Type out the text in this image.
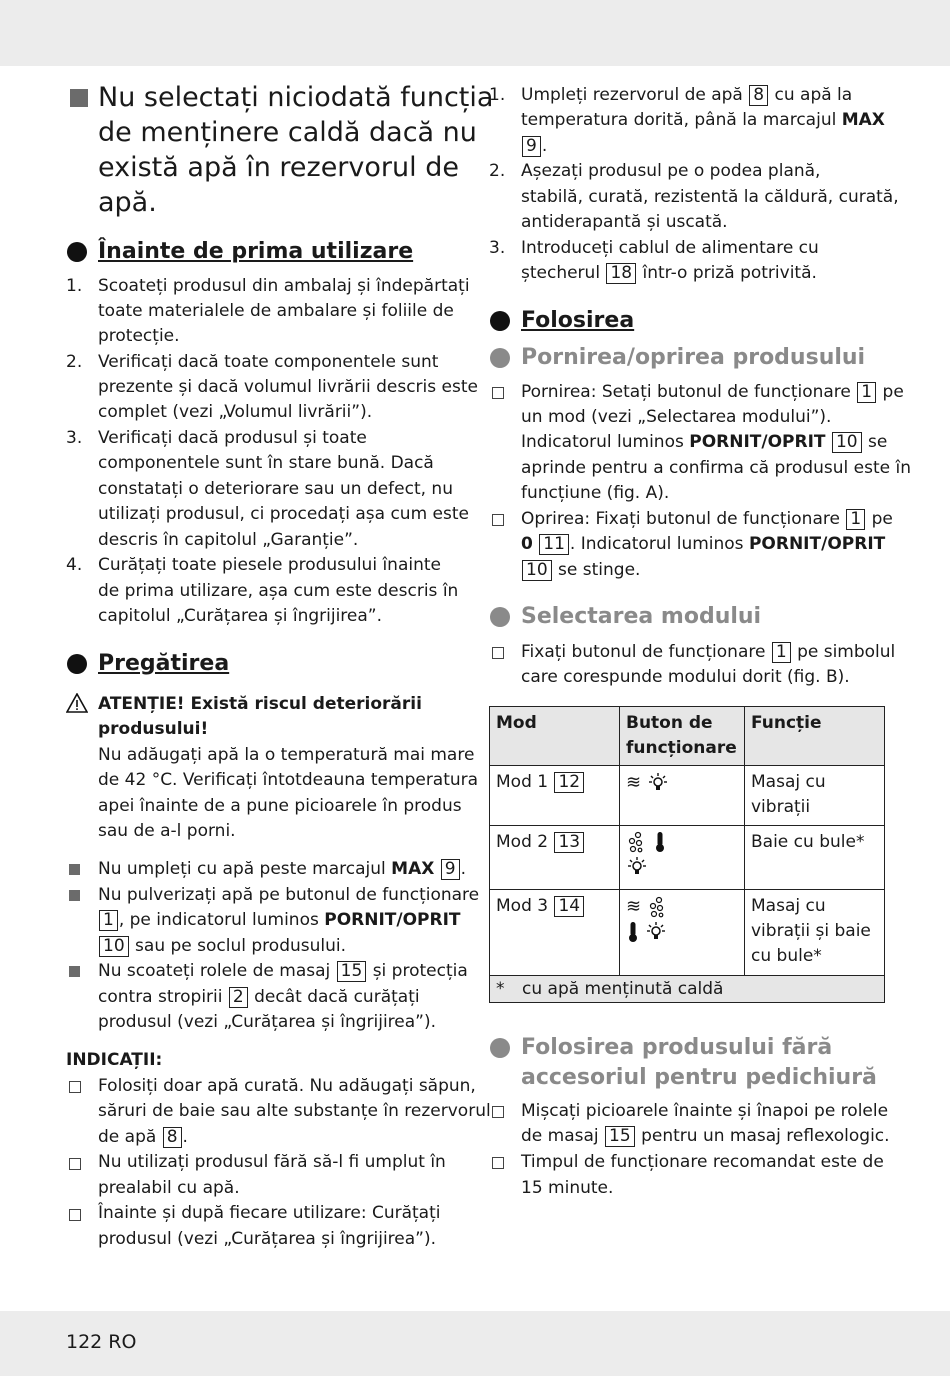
Nu selectați niciodată funcția
de menținere caldă dacă nu
există apă în rezervorul de
apă.
Înainte de prima utilizare
1. Scoateți produsul din ambalaj și îndepărtați
toate materialele de ambalare și foliile de
protecție.
2. Verificați dacă toate componentele sunt
prezente și dacă volumul livrării descris este
complet (vezi „Volumul livrării”).
3. Verificați dacă produsul și toate
componentele sunt în stare bună. Dacă
constatați o deteriorare sau un defect, nu
utilizați produsul, ci procedați așa cum este
descris în capitolul „Garanție”.
4. Curățați toate piesele produsului înainte
de prima utilizare, așa cum este descris în
capitolul „Curățarea și îngrijirea”.
Pregătirea
ATENȚIE! Există riscul deteriorării
produsului!
Nu adăugați apă la o temperatură mai mare
de 42 °C. Verificați întotdeauna temperatura
apei înainte de a pune picioarele în produs
sau de a-l porni.
Nu umpleți cu apă peste marcajul MAX 9 .
Nu pulverizați apă pe butonul de funcționare
1 , pe indicatorul luminos PORNIT/OPRIT
10 sau pe soclul produsului.
Nu scoateți rolele de masaj 15 și protecția
contra stropirii 2 decât dacă curățați
produsul (vezi „Curățarea și îngrijirea”).
INDICAȚII:
Folosiți doar apă curată. Nu adăugați săpun,
săruri de baie sau alte substanțe în rezervorul
de apă 8 .
Nu utilizați produsul fără să-l fi umplut în
prealabil cu apă.
Înainte și după fiecare utilizare: Curățați
produsul (vezi „Curățarea și îngrijirea”).
1. Umpleți rezervorul de apă 8 cu apă la
temperatura dorită, până la marcajul MAX
9 .
2. Așezați produsul pe o podea plană,
stabilă, curată, rezistentă la căldură, curată,
antiderapantă și uscată.
3. Introduceți cablul de alimentare cu
ștecherul 18 într-o priză potrivită.
Folosirea
Pornirea/oprirea produsului
Pornirea: Setați butonul de funcționare 1 pe
un mod (vezi „Selectarea modului”).
Indicatorul luminos PORNIT/OPRIT 10 se
aprinde pentru a confirma că produsul este în
funcțiune (fig. A).
Oprirea: Fixați butonul de funcționare 1 pe
0 11 . Indicatorul luminos PORNIT/OPRIT
10 se stinge.
Selectarea modului
Fixați butonul de funcționare 1 pe simbolul
care corespunde modului dorit (fig. B).
Mod	Buton de
funcționare	Funcție
Mod 1 12	≋	Masaj cu
vibrații
Mod 2 13		Baie cu bule*
Mod 3 14	≋	Masaj cu
vibrații și baie
cu bule*
* cu apă menținută caldă		
Folosirea produsului fără
accesoriul pentru pedichiură
Mișcați picioarele înainte și înapoi pe rolele
de masaj 15 pentru un masaj reflexologic.
Timpul de funcționare recomandat este de
15 minute.
122 RO
